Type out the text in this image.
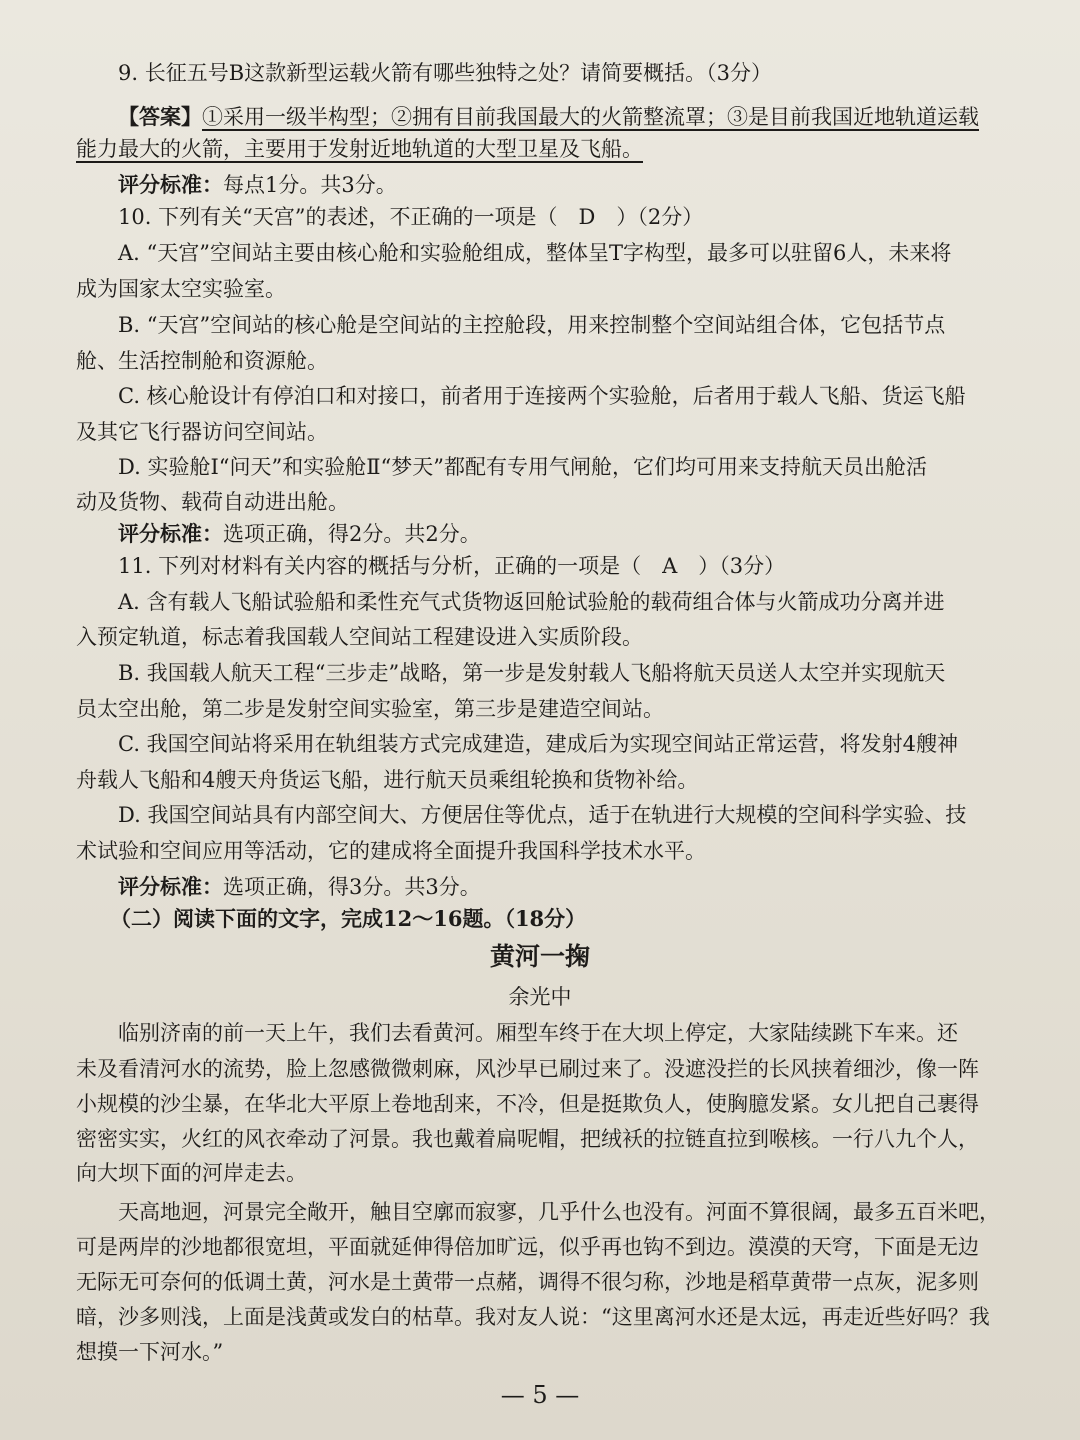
9. 长征五号B这款新型运载火箭有哪些独特之处？请简要概括。（3分）
【答案】①采用一级半构型；②拥有目前我国最大的火箭整流罩；③是目前我国近地轨道运载
能力最大的火箭，主要用于发射近地轨道的大型卫星及飞船。
评分标准：每点1分。共3分。
10. 下列有关“天宫”的表述，不正确的一项是（　D　）（2分）
A. “天宫”空间站主要由核心舱和实验舱组成，整体呈T字构型，最多可以驻留6人，未来将
成为国家太空实验室。
B. “天宫”空间站的核心舱是空间站的主控舱段，用来控制整个空间站组合体，它包括节点
舱、生活控制舱和资源舱。
C. 核心舱设计有停泊口和对接口，前者用于连接两个实验舱，后者用于载人飞船、货运飞船
及其它飞行器访问空间站。
D. 实验舱Ⅰ“问天”和实验舱Ⅱ“梦天”都配有专用气闸舱，它们均可用来支持航天员出舱活
动及货物、载荷自动进出舱。
评分标准：选项正确，得2分。共2分。
11. 下列对材料有关内容的概括与分析，正确的一项是（　A　）（3分）
A. 含有载人飞船试验船和柔性充气式货物返回舱试验舱的载荷组合体与火箭成功分离并进
入预定轨道，标志着我国载人空间站工程建设进入实质阶段。
B. 我国载人航天工程“三步走”战略，第一步是发射载人飞船将航天员送人太空并实现航天
员太空出舱，第二步是发射空间实验室，第三步是建造空间站。
C. 我国空间站将采用在轨组装方式完成建造，建成后为实现空间站正常运营，将发射4艘神
舟载人飞船和4艘天舟货运飞船，进行航天员乘组轮换和货物补给。
D. 我国空间站具有内部空间大、方便居住等优点，适于在轨进行大规模的空间科学实验、技
术试验和空间应用等活动，它的建成将全面提升我国科学技术水平。
评分标准：选项正确，得3分。共3分。
（二）阅读下面的文字，完成12～16题。（18分）
黄河一掬
余光中
临别济南的前一天上午，我们去看黄河。厢型车终于在大坝上停定，大家陆续跳下车来。还
未及看清河水的流势，脸上忽感微微刺麻，风沙早已刷过来了。没遮没拦的长风挟着细沙，像一阵
小规模的沙尘暴，在华北大平原上卷地刮来，不冷，但是挺欺负人，使胸臆发紧。女儿把自己裹得
密密实实，火红的风衣牵动了河景。我也戴着扁呢帽，把绒袄的拉链直拉到喉核。一行八九个人，
向大坝下面的河岸走去。
天高地迥，河景完全敞开，触目空廓而寂寥，几乎什么也没有。河面不算很阔，最多五百米吧，
可是两岸的沙地都很宽坦，平面就延伸得倍加旷远，似乎再也钩不到边。漠漠的天穹，下面是无边
无际无可奈何的低调土黄，河水是土黄带一点赭，调得不很匀称，沙地是稻草黄带一点灰，泥多则
暗，沙多则浅，上面是浅黄或发白的枯草。我对友人说：“这里离河水还是太远，再走近些好吗？我
想摸一下河水。”
— 5 —
